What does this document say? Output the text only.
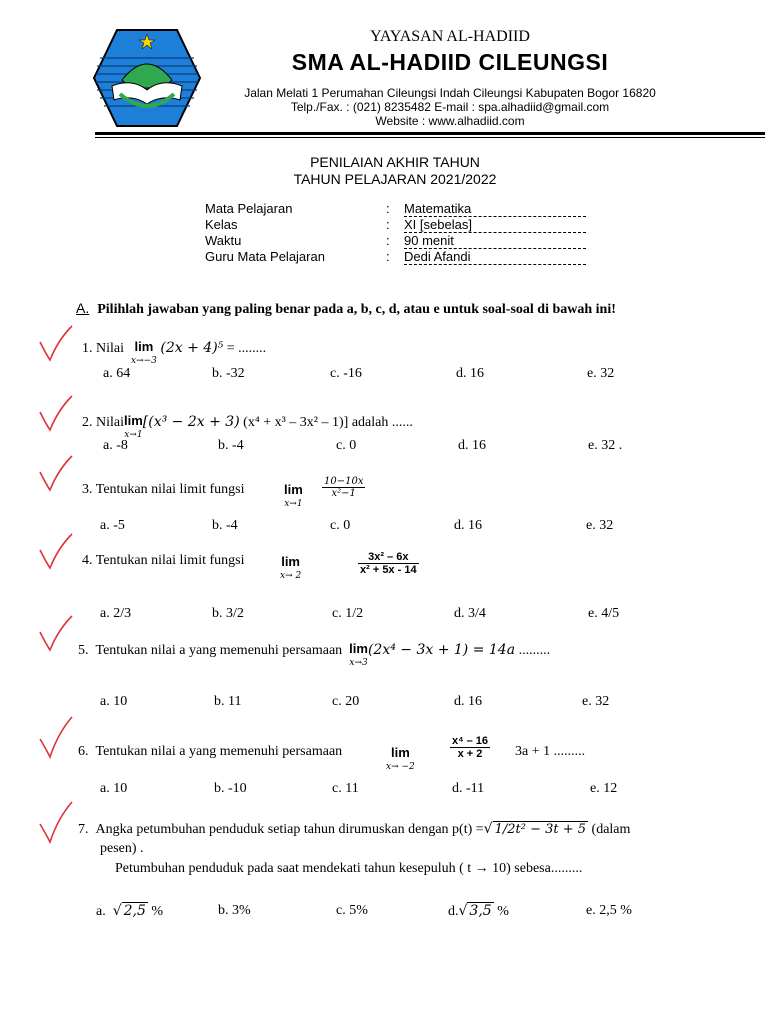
YAYASAN AL-HADIID
SMA AL-HADIID CILEUNGSI
Jalan Melati 1 Perumahan Cileungsi Indah Cileungsi Kabupaten Bogor 16820
Telp./Fax. : (021) 8235482 E-mail : spa.alhadiid@gmail.com
Website : www.alhadiid.com
PENILAIAN AKHIR TAHUN
TAHUN PELAJARAN 2021/2022
Mata Pelajaran	: Matematika
Kelas	: XI [sebelas]
Waktu	: 90 menit
Guru Mata Pelajaran	: Dedi Afandi
A. Pilihlah jawaban yang paling benar pada a, b, c, d, atau e untuk soal-soal di bawah ini!
1. Nilai lim
x→−3
(2x + 4)⁵ = ........
a. 64	b. -32	c. -16	d. 16	e. 32
2. Nilailim
x→1
[(x³ − 2x + 3) (x⁴ + x³ – 3x² – 1)] adalah ......
a. -8	b. -4	c. 0	d. 16	e. 32 .
3. Tentukan nilai limit fungsi	lim
x→1
$\frac{10-10x}{\text{x²−1}}$
a. -5	b. -4	c. 0	d. 16	e. 32
4. Tentukan nilai limit fungsi	lim
x→ 2	$\frac{\text{3x² – 6x}}{\text{x² + 5x - 14}}$
a. 2/3	b. 3/2	c. 1/2	d. 3/4	e. 4/5
5. Tentukan nilai a yang memenuhi persamaan lim
x→3
(2x⁴ − 3x + 1) = 14a .........
a. 10	b. 11	c. 20	d. 16	e. 32
6. Tentukan nilai a yang memenuhi persamaan	lim
x→ −2
$\frac{\text{x⁴ – 16}}{x + 2} 3a + 1$ .........
a. 10	b. -10	c. 11	d. -11	e. 12
7. Angka petumbuhan penduduk setiap tahun dirumuskan dengan p(t) =√ 1/2t² − 3t + 5 (dalam
pesen) .
Petumbuhan penduduk pada saat mendekati tahun kesepuluh ( t → 10) sebesa.........
a. √ 2,5 %	b. 3%	c. 5%	d.√ 3,5 %	e. 2,5 %
